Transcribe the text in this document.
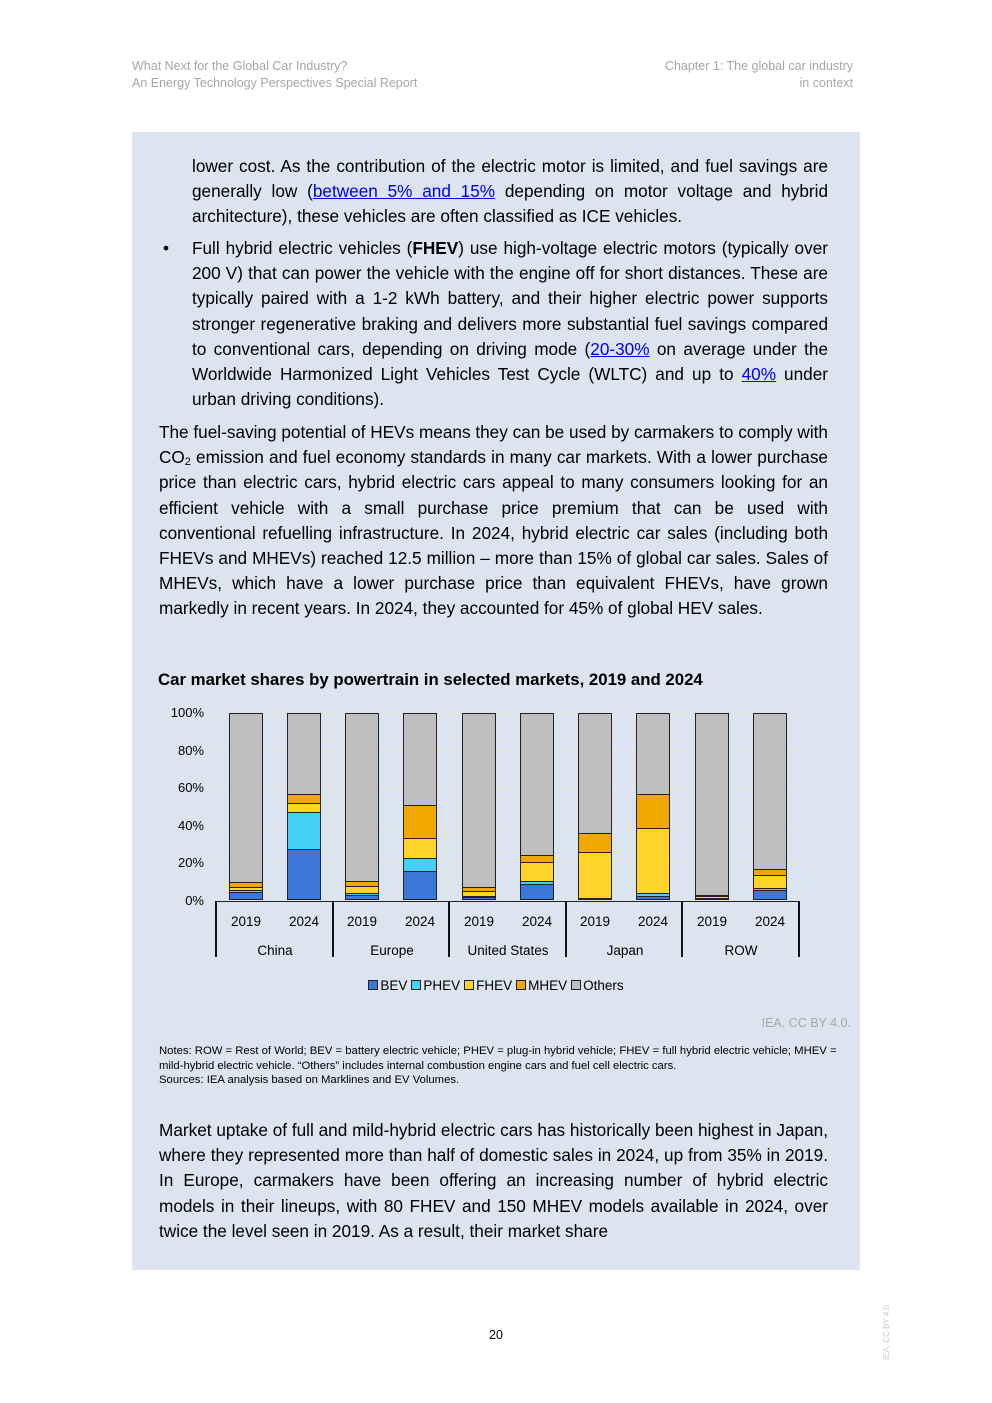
What Next for the Global Car Industry?
An Energy Technology Perspectives Special Report
Chapter 1: The global car industry
in context
lower cost. As the contribution of the electric motor is limited, and fuel savings are generally low (between 5% and 15% depending on motor voltage and hybrid architecture), these vehicles are often classified as ICE vehicles.
• Full hybrid electric vehicles (FHEV) use high-voltage electric motors (typically over 200 V) that can power the vehicle with the engine off for short distances. These are typically paired with a 1-2 kWh battery, and their higher electric power supports stronger regenerative braking and delivers more substantial fuel savings compared to conventional cars, depending on driving mode (20-30% on average under the Worldwide Harmonized Light Vehicles Test Cycle (WLTC) and up to 40% under urban driving conditions).
The fuel-saving potential of HEVs means they can be used by carmakers to comply with $CO_2$ emission and fuel economy standards in many car markets. With a lower purchase price than electric cars, hybrid electric cars appeal to many consumers looking for an efficient vehicle with a small purchase price premium that can be used with conventional refuelling infrastructure. In 2024, hybrid electric car sales (including both FHEVs and MHEVs) reached 12.5 million – more than 15% of global car sales. Sales of MHEVs, which have a lower purchase price than equivalent FHEVs, have grown markedly in recent years. In 2024, they accounted for 45% of global HEV sales.
Car market shares by powertrain in selected markets, 2019 and 2024
0%
20%
40%
60%
80%
100%
2019	2024	2019	2024	2019	2024	2019	2024	2019	2024
China	Europe	United States	Japan	ROW
BEV PHEV FHEV MHEV Others
IEA. CC BY 4.0.
Notes: ROW = Rest of World; BEV = battery electric vehicle; PHEV = plug-in hybrid vehicle; FHEV = full hybrid electric vehicle; MHEV = mild-hybrid electric vehicle. “Others” includes internal combustion engine cars and fuel cell electric cars.
Sources: IEA analysis based on Marklines and EV Volumes.
Market uptake of full and mild-hybrid electric cars has historically been highest in Japan, where they represented more than half of domestic sales in 2024, up from 35% in 2019. In Europe, carmakers have been offering an increasing number of hybrid electric models in their lineups, with 80 FHEV and 150 MHEV models available in 2024, over twice the level seen in 2019. As a result, their market share
20	IEA. CC BY 4.0.
